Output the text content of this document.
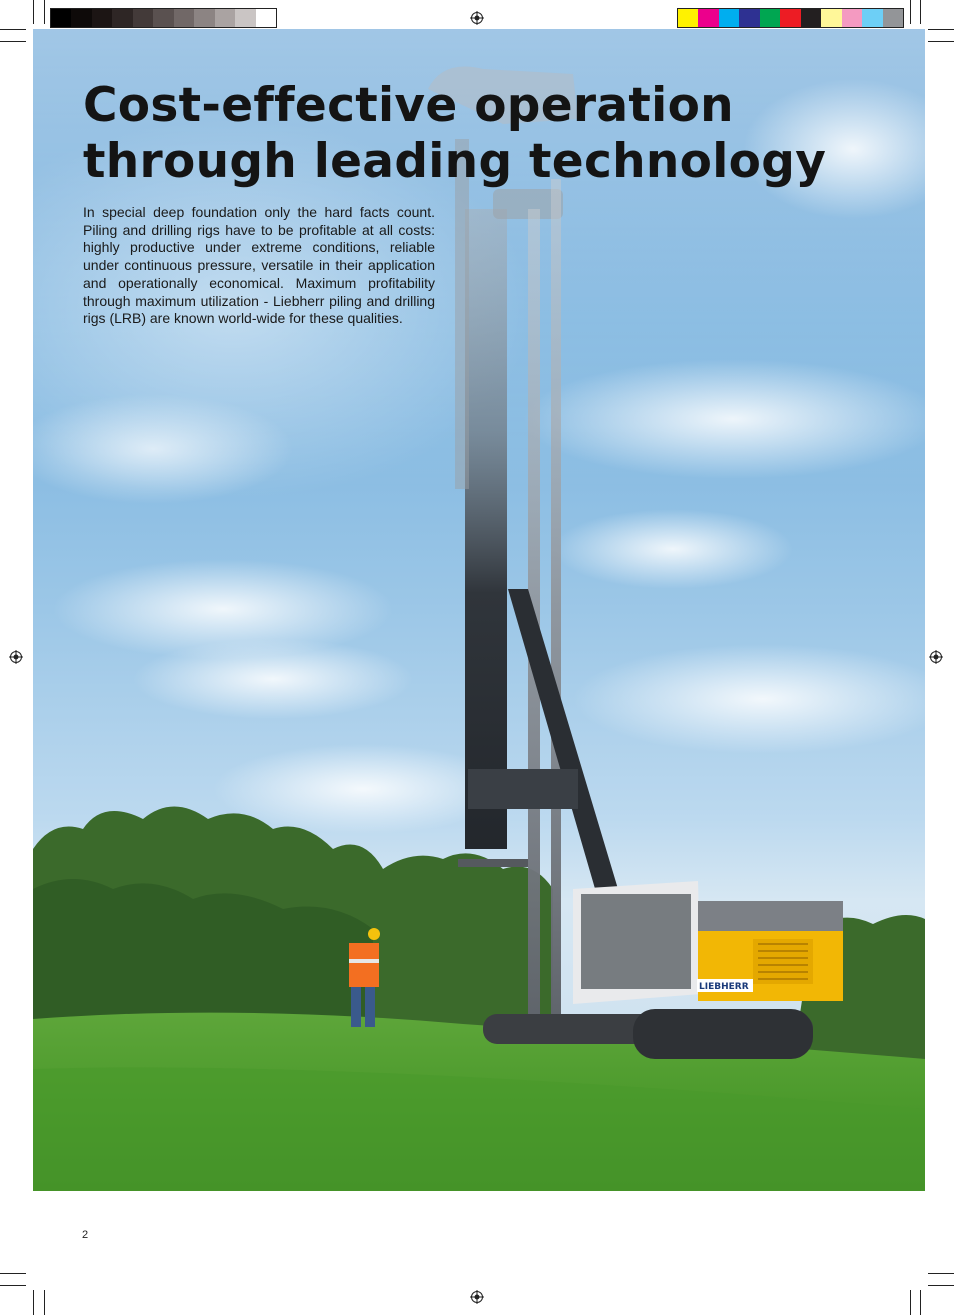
LIEBHERR
Cost-effective operation
through leading technology

In special deep foundation only the hard facts count. Piling and drilling rigs have to be profitable at all costs: highly productive under extreme conditions, reliable under continuous pressure, versatile in their application and operationally economical. Maximum profitability through maximum utilization - Liebherr piling and drilling rigs (LRB) are known world-wide for these qualities.

2
